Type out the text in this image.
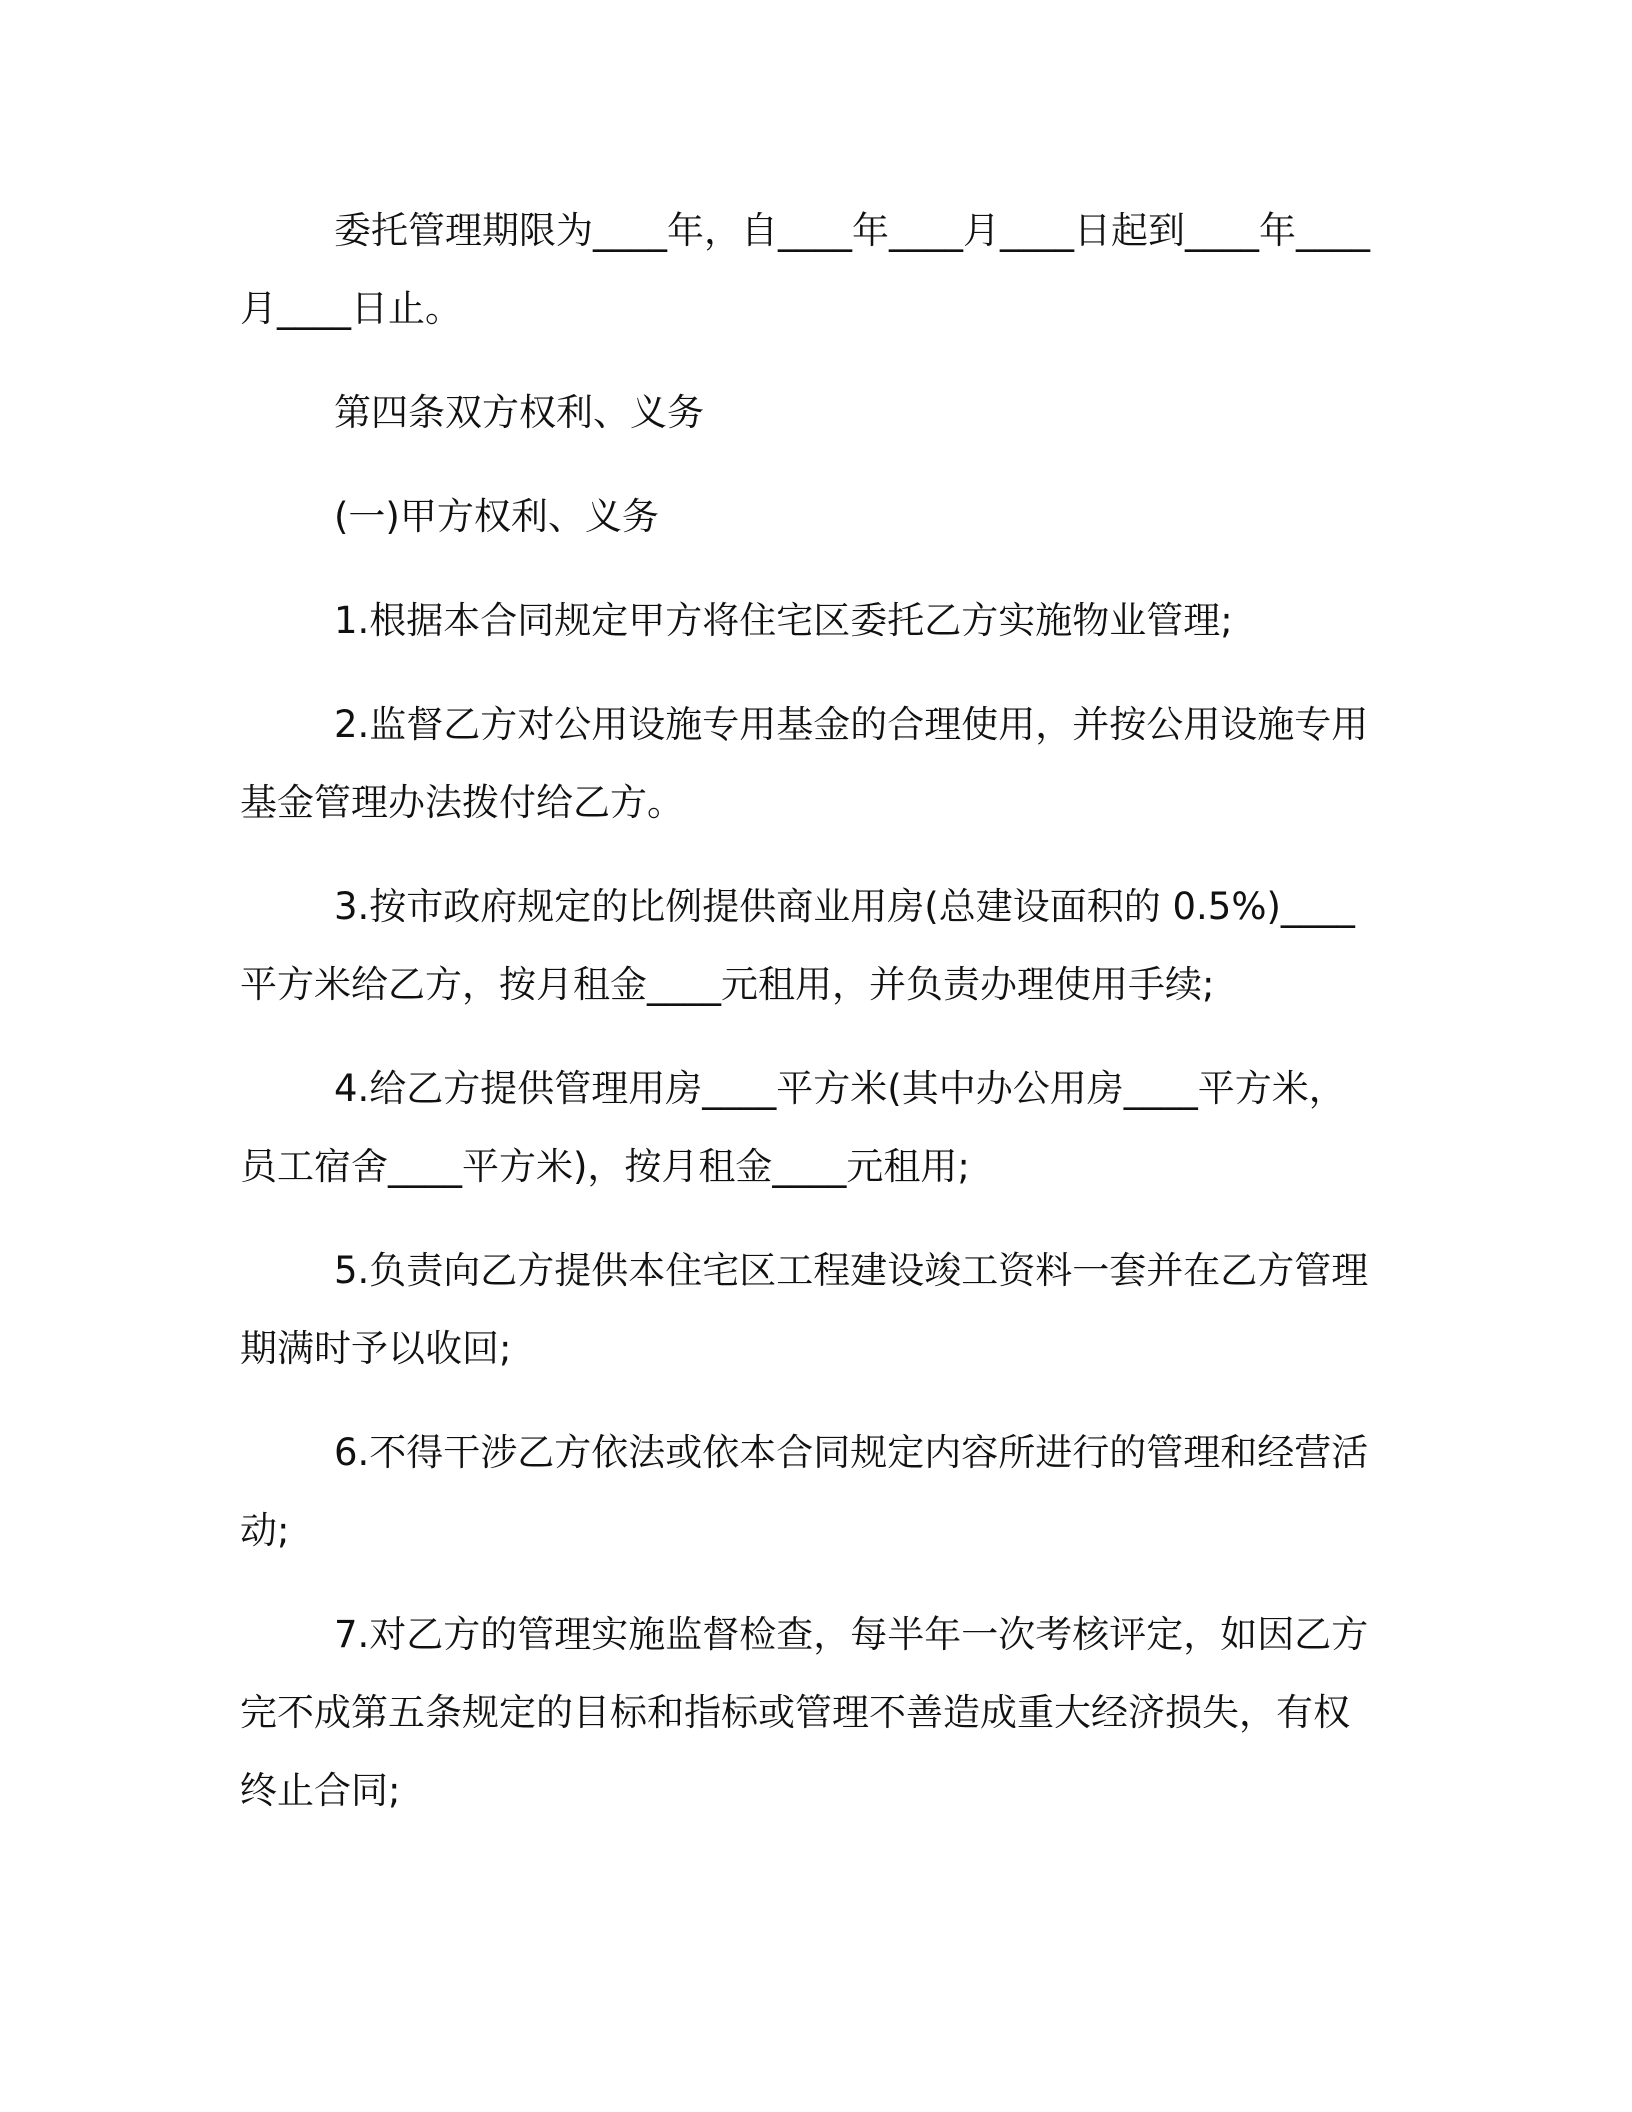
委托管理期限为____年，自____年____月____日起到____年____月____日止。

第四条双方权利、义务

(一)甲方权利、义务

1.根据本合同规定甲方将住宅区委托乙方实施物业管理;

2.监督乙方对公用设施专用基金的合理使用，并按公用设施专用基金管理办法拨付给乙方。

3.按市政府规定的比例提供商业用房(总建设面积的 0.5%)____平方米给乙方，按月租金____元租用，并负责办理使用手续;

4.给乙方提供管理用房____平方米(其中办公用房____平方米，员工宿舍____平方米)，按月租金____元租用;

5.负责向乙方提供本住宅区工程建设竣工资料一套并在乙方管理期满时予以收回;

6.不得干涉乙方依法或依本合同规定内容所进行的管理和经营活动;

7.对乙方的管理实施监督检查，每半年一次考核评定，如因乙方完不成第五条规定的目标和指标或管理不善造成重大经济损失，有权终止合同;
